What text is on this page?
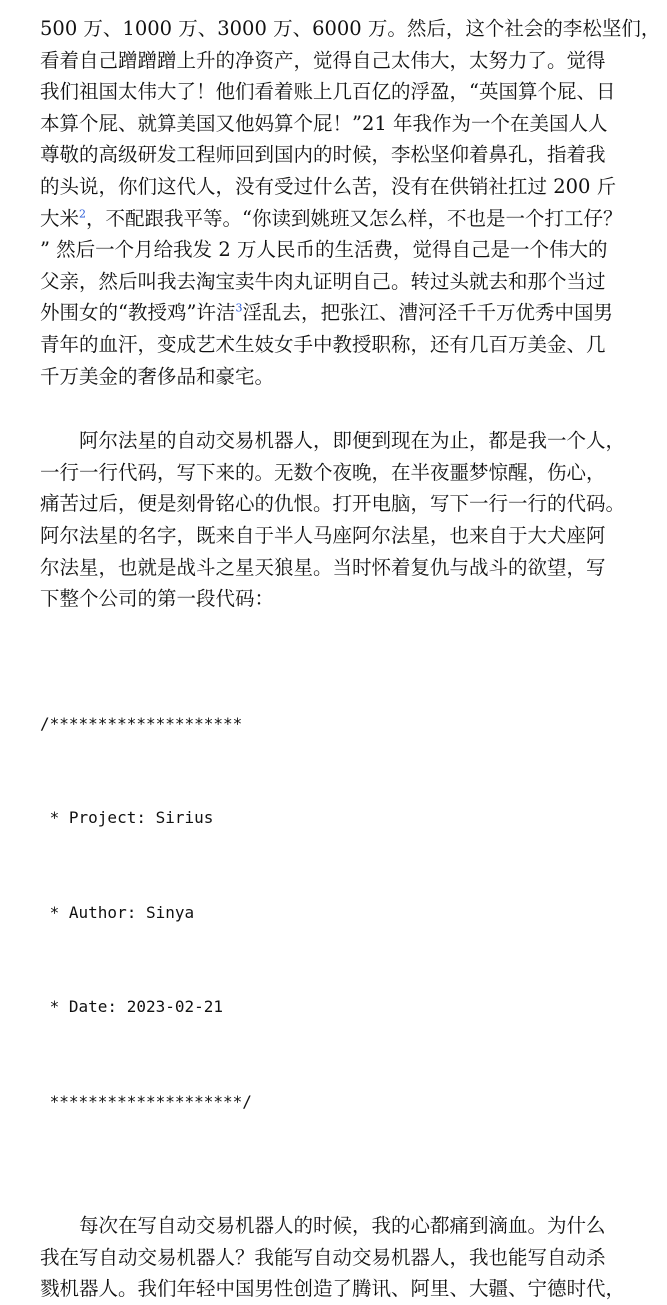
500 万、1000 万、3000 万、6000 万。然后，这个社会的李松坚们，
看着自己蹭蹭蹭上升的净资产，觉得自己太伟大，太努力了。觉得
我们祖国太伟大了！他们看着账上几百亿的浮盈，“英国算个屁、日
本算个屁、就算美国又他妈算个屁！”21 年我作为一个在美国人人
尊敬的高级研发工程师回到国内的时候，李松坚仰着鼻孔，指着我
的头说，你们这代人，没有受过什么苦，没有在供销社扛过 200 斤
大米$^2$，不配跟我平等。“你读到姚班又怎么样，不也是一个打工仔？
” 然后一个月给我发 2 万人民币的生活费，觉得自己是一个伟大的
父亲，然后叫我去淘宝卖牛肉丸证明自己。转过头就去和那个当过
外围女的“教授鸡”许洁$^3$淫乱去，把张江、漕河泾千千万优秀中国男
青年的血汗，变成艺术生妓女手中教授职称，还有几百万美金、几
千万美金的奢侈品和豪宅。
阿尔法星的自动交易机器人，即便到现在为止，都是我一个人，
一行一行代码，写下来的。无数个夜晚，在半夜噩梦惊醒，伤心，
痛苦过后，便是刻骨铭心的仇恨。打开电脑，写下一行一行的代码。
阿尔法星的名字，既来自于半人马座阿尔法星，也来自于大犬座阿
尔法星，也就是战斗之星天狼星。当时怀着复仇与战斗的欲望，写
下整个公司的第一段代码：

/********************

* Project: Sirius

* Author: Sinya

* Date: 2023-02-21

********************/

每次在写自动交易机器人的时候，我的心都痛到滴血。为什么
我在写自动交易机器人？我能写自动交易机器人，我也能写自动杀
戮机器人。我们年轻中国男性创造了腾讯、阿里、大疆、宁德时代，
